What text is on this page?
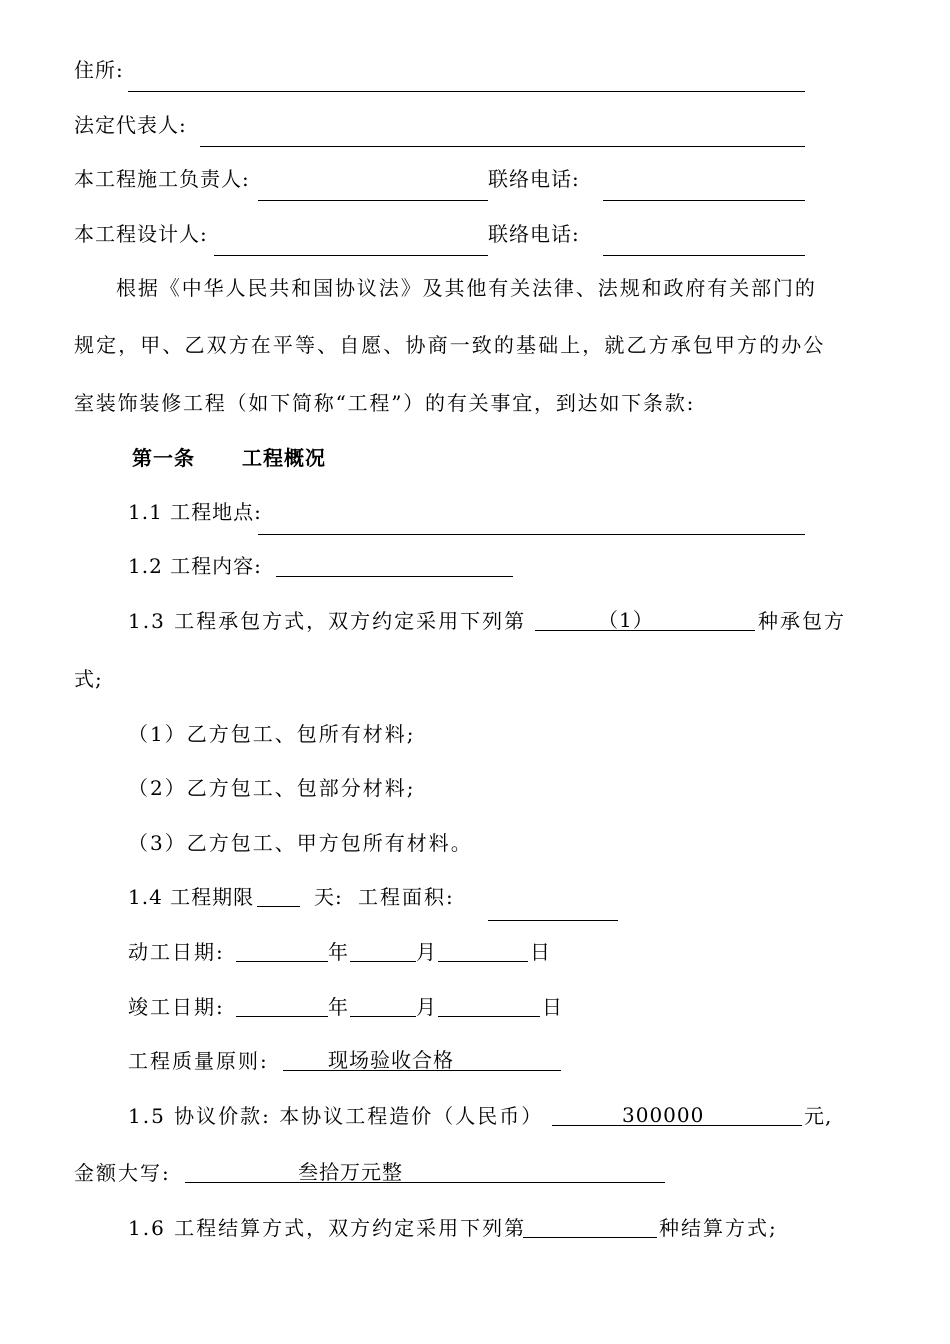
住所:
法定代表人:
本工程施工负责人:	联络电话:
本工程设计人:	联络电话:
根据《中华人民共和国协议法》及其他有关法律、法规和政府有关部门的
规定，甲、乙双方在平等、自愿、协商一致的基础上，就乙方承包甲方的办公
室装饰装修工程（如下简称“工程”）的有关事宜，到达如下条款:
第一条 工程概况
1.1 工程地点:
1.2 工程内容:
1.3 工程承包方式，双方约定采用下列第	（1）	种承包方
式;
（1）乙方包工、包所有材料;
（2）乙方包工、包部分材料;
（3）乙方包工、甲方包所有材料。
1.4 工程期限	天: 工程面积:
动工日期:	年	月	日
竣工日期:	年	月	日
工程质量原则:	现场验收合格
1.5 协议价款: 本协议工程造价（人民币）	300000	元,
金额大写:	叁拾万元整
1.6 工程结算方式，双方约定采用下列第	种结算方式;
